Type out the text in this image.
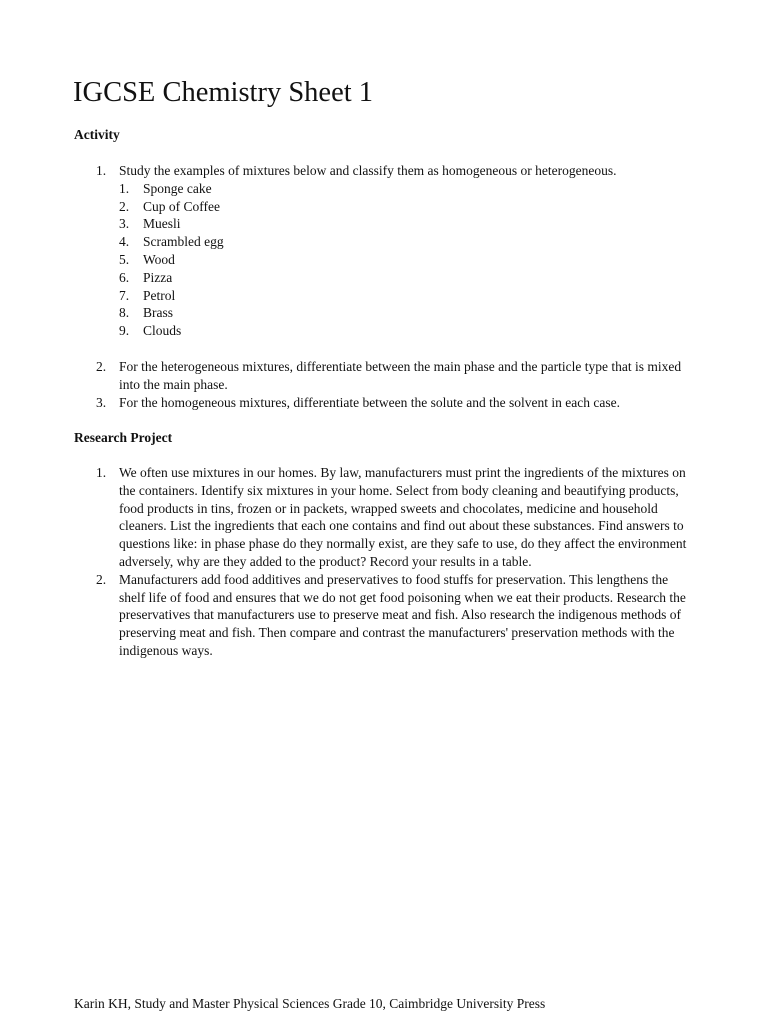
IGCSE Chemistry Sheet 1
Activity
1. Study the examples of mixtures below and classify them as homogeneous or heterogeneous.
1. Sponge cake
2. Cup of Coffee
3. Muesli
4. Scrambled egg
5. Wood
6. Pizza
7. Petrol
8. Brass
9. Clouds
2. For the heterogeneous mixtures, differentiate between the main phase and the particle type that is mixed into the main phase.
3. For the homogeneous mixtures, differentiate between the solute and the solvent in each case.
Research Project
1. We often use mixtures in our homes. By law, manufacturers must print the ingredients of the mixtures on the containers. Identify six mixtures in your home. Select from body cleaning and beautifying products, food products in tins, frozen or in packets, wrapped sweets and chocolates, medicine and household cleaners. List the ingredients that each one contains and find out about these substances. Find answers to questions like: in phase phase do they normally exist, are they safe to use, do they affect the environment adversely, why are they added to the product? Record your results in a table.
2. Manufacturers add food additives and preservatives to food stuffs for preservation. This lengthens the shelf life of food and ensures that we do not get food poisoning when we eat their products. Research the preservatives that manufacturers use to preserve meat and fish. Also research the indigenous methods of preserving meat and fish. Then compare and contrast the manufacturers' preservation methods with the indigenous ways.

Karin KH, Study and Master Physical Sciences Grade 10, Caimbridge University Press
